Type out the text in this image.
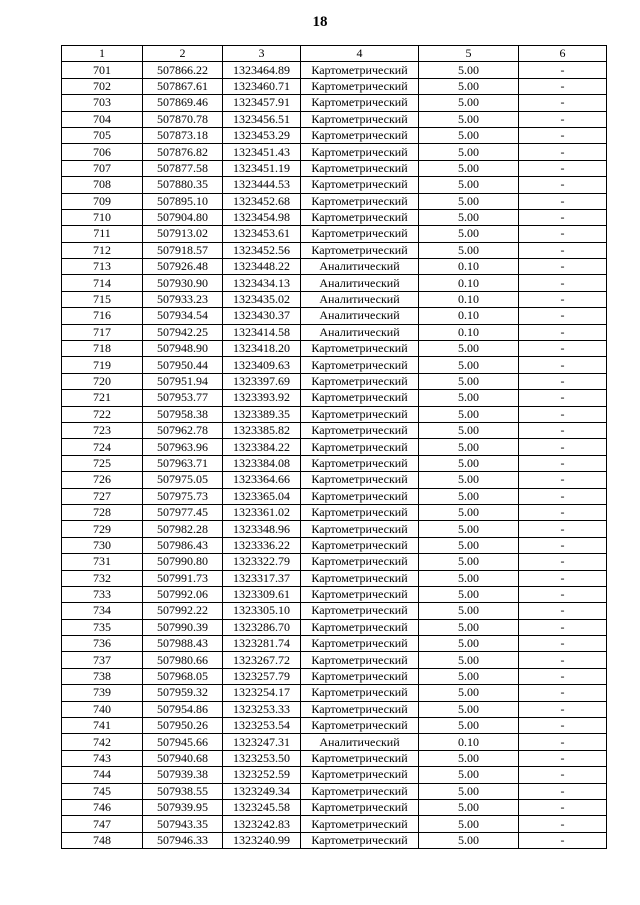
18
1	2	3	4	5	6
701	507866.22	1323464.89	Картометрический	5.00	-
702	507867.61	1323460.71	Картометрический	5.00	-
703	507869.46	1323457.91	Картометрический	5.00	-
704	507870.78	1323456.51	Картометрический	5.00	-
705	507873.18	1323453.29	Картометрический	5.00	-
706	507876.82	1323451.43	Картометрический	5.00	-
707	507877.58	1323451.19	Картометрический	5.00	-
708	507880.35	1323444.53	Картометрический	5.00	-
709	507895.10	1323452.68	Картометрический	5.00	-
710	507904.80	1323454.98	Картометрический	5.00	-
711	507913.02	1323453.61	Картометрический	5.00	-
712	507918.57	1323452.56	Картометрический	5.00	-
713	507926.48	1323448.22	Аналитический	0.10	-
714	507930.90	1323434.13	Аналитический	0.10	-
715	507933.23	1323435.02	Аналитический	0.10	-
716	507934.54	1323430.37	Аналитический	0.10	-
717	507942.25	1323414.58	Аналитический	0.10	-
718	507948.90	1323418.20	Картометрический	5.00	-
719	507950.44	1323409.63	Картометрический	5.00	-
720	507951.94	1323397.69	Картометрический	5.00	-
721	507953.77	1323393.92	Картометрический	5.00	-
722	507958.38	1323389.35	Картометрический	5.00	-
723	507962.78	1323385.82	Картометрический	5.00	-
724	507963.96	1323384.22	Картометрический	5.00	-
725	507963.71	1323384.08	Картометрический	5.00	-
726	507975.05	1323364.66	Картометрический	5.00	-
727	507975.73	1323365.04	Картометрический	5.00	-
728	507977.45	1323361.02	Картометрический	5.00	-
729	507982.28	1323348.96	Картометрический	5.00	-
730	507986.43	1323336.22	Картометрический	5.00	-
731	507990.80	1323322.79	Картометрический	5.00	-
732	507991.73	1323317.37	Картометрический	5.00	-
733	507992.06	1323309.61	Картометрический	5.00	-
734	507992.22	1323305.10	Картометрический	5.00	-
735	507990.39	1323286.70	Картометрический	5.00	-
736	507988.43	1323281.74	Картометрический	5.00	-
737	507980.66	1323267.72	Картометрический	5.00	-
738	507968.05	1323257.79	Картометрический	5.00	-
739	507959.32	1323254.17	Картометрический	5.00	-
740	507954.86	1323253.33	Картометрический	5.00	-
741	507950.26	1323253.54	Картометрический	5.00	-
742	507945.66	1323247.31	Аналитический	0.10	-
743	507940.68	1323253.50	Картометрический	5.00	-
744	507939.38	1323252.59	Картометрический	5.00	-
745	507938.55	1323249.34	Картометрический	5.00	-
746	507939.95	1323245.58	Картометрический	5.00	-
747	507943.35	1323242.83	Картометрический	5.00	-
748	507946.33	1323240.99	Картометрический	5.00	-
